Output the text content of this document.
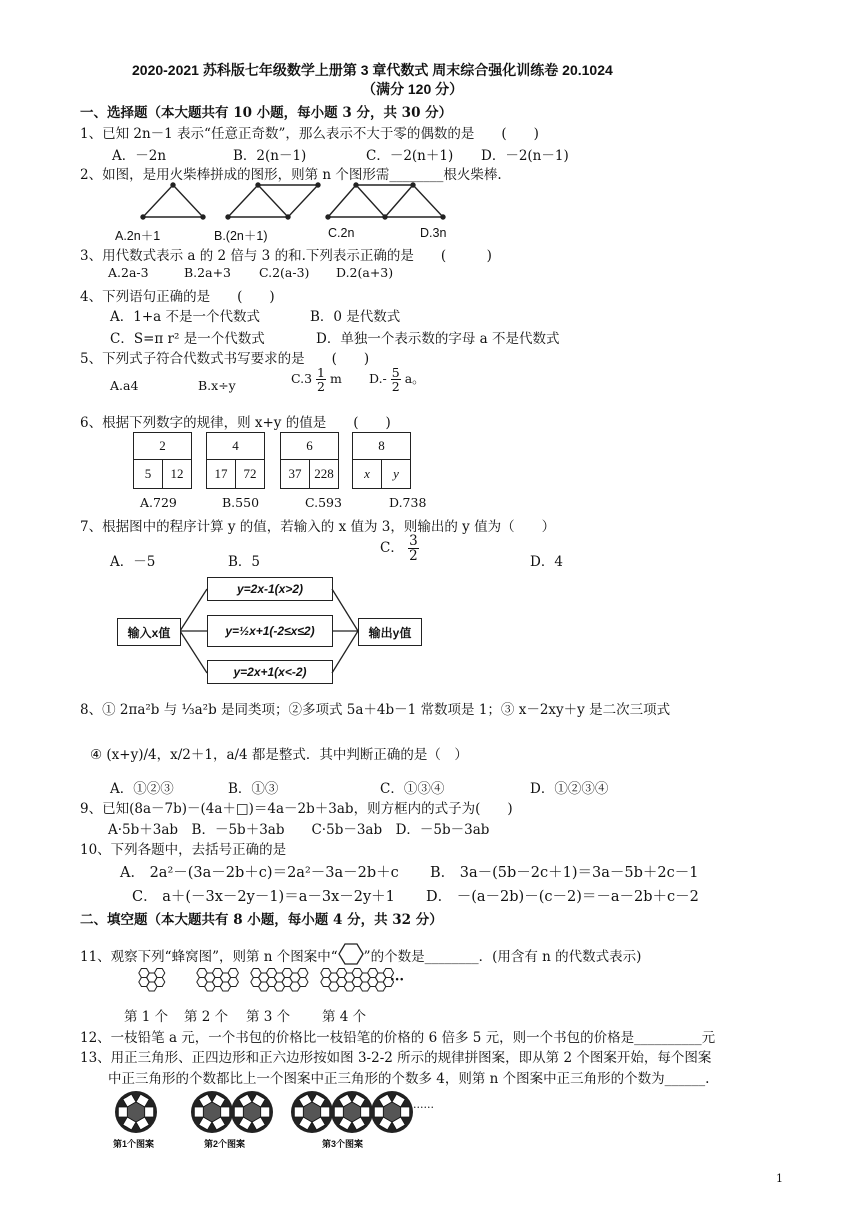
2020-2021 苏科版七年级数学上册第 3 章代数式 周末综合强化训练卷 20.1024
（满分 120 分）
一、选择题（本大题共有 10 小题，每小题 3 分，共 30 分）
1、已知 2n－1 表示“任意正奇数”，那么表示不大于零的偶数的是　　(　　)
A．－2n	B．2(n－1)	C．－2(n＋1) D．－2(n－1)
2、如图，是用火柴棒拼成的图形，则第 n 个图形需________根火柴棒.
A.2n＋1	B.(2n＋1)	C.2n	D.3n
3、用代数式表示 a 的 2 倍与 3 的和.下列表示正确的是　　(　　　)
A.2a-3	B.2a+3 C.2(a-3) D.2(a+3)
4、下列语句正确的是　　(　　)
A．1+a 不是一个代数式	B．0 是代数式
C．S=π r² 是一个代数式	D．单独一个表示数的字母 a 不是代数式
5、下列式子符合代数式书写要求的是　　(　　)
A.a4	B.x÷y	$C.3 \frac{1}{2}$ m $D.- \frac{5}{2}$ a。
6、根据下列数字的规律，则 x+y 的值是　　(　　)
2
5	12
4
17	72
6
37 228
8
x	y
A.729	B.550	C.593	D.738
7、根据图中的程序计算 y 的值，若输入的 x 值为 3，则输出的 y 值为（　　）
A．－5	B．5
C． $\frac{3}{2}$	D．4
输入x值
y=2x-1(x>2)
y=½x+1(-2≤x≤2)
y=2x+1(x<-2)
输出y值
8、① 2πa²b 与 ⅓a²b 是同类项；②多项式 5a＋4b－1 常数项是 1；③ x－2xy＋y 是二次三项式
④ (x+y)/4，x/2＋1，a/4 都是整式．其中判断正确的是（　）
A．①②③	B．①③	C．①③④	D．①②③④
9、已知(8a－7b)－(4a＋□)＝4a－2b＋3ab，则方框内的式子为(　　)
A·5b＋3ab　B．－5b＋3ab　　C·5b－3ab　D．－5b－3ab
10、下列各题中，去括号正确的是
A． 2a²－(3a－2b＋c)＝2a²－3a－2b＋c B． 3a－(5b－2c＋1)＝3a－5b＋2c－1
C． a＋(－3x－2y－1)＝a－3x－2y＋1 D． －(a－2b)－(c－2)＝－a－2b＋c－2
二、填空题（本大题共有 8 小题，每小题 4 分，共 32 分）
11、观察下列“蜂窝图”，则第 n 个图案中“ ”的个数是________．(用含有 n 的代数式表示)
···
第 1 个 第 2 个 第 3 个 第 4 个
12、一枝铅笔 a 元，一个书包的价格比一枝铅笔的价格的 6 倍多 5 元，则一个书包的价格是__________元
13、用正三角形、正四边形和正六边形按如图 3-2-2 所示的规律拼图案，即从第 2 个图案开始，每个图案
中正三角形的个数都比上一个图案中正三角形的个数多 4，则第 n 个图案中正三角形的个数为______.
......
第1个图案	第2个图案	第3个图案
1
